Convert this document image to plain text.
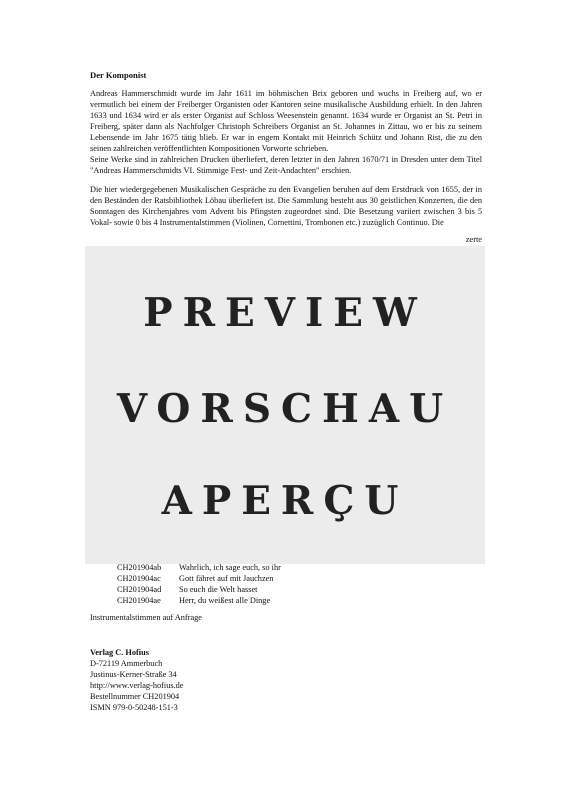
Der Komponist
Andreas Hammerschmidt wurde im Jahr 1611 im böhmischen Brix geboren und wuchs in Freiberg auf, wo er vermutlich bei einem der Freiberger Organisten oder Kantoren seine musikalische Ausbildung erhielt. In den Jahren 1633 und 1634 wird er als erster Organist auf Schloss Weesenstein genannt. 1634 wurde er Organist an St. Petri in Freiberg, später dann als Nachfolger Christoph Schreibers Organist an St. Johannes in Zittau, wo er bis zu seinem Lebensende im Jahr 1675 tätig blieb. Er war in engem Kontakt mit Heinrich Schütz und Johann Rist, die zu den seinen zahlreichen veröffentlichten Kompositionen Vorworte schrieben.
Seine Werke sind in zahlreichen Drucken überliefert, deren letzter in den Jahren 1670/71 in Dresden unter dem Titel "Andreas Hammerschmidts VI. Stimmige Fest- und Zeit-Andachten" erschien.
Die hier wiedergegebenen Musikalischen Gespräche zu den Evangelien beruhen auf dem Erstdruck von 1655, der in den Beständen der Ratsbibliothek Löbau überliefert ist. Die Sammlung besteht aus 30 geistlichen Konzerten, die den Sonntagen des Kirchenjahres vom Advent bis Pfingsten zugeordnet sind. Die Besetzung variiert zwischen 3 bis 5 Vokal- sowie 0 bis 4 Instrumentalstimmen (Violinen, Cornettini, Trombonen etc.) zuzüglich Continuo. Die
zerte
PREVIEW
VORSCHAU
APERÇU
CH201904ab	Wahrlich, ich sage euch, so ihr
CH201904ac	Gott fähret auf mit Jauchzen
CH201904ad	So euch die Welt hasset
CH201904ae	Herr, du weißest alle Dinge
Instrumentalstimmen auf Anfrage
Verlag C. Hofius
D-72119 Ammerbuch
Justinus-Kerner-Straße 34
http://www.verlag-hofius.de
Bestellnummer CH201904
ISMN 979-0-50248-151-3
